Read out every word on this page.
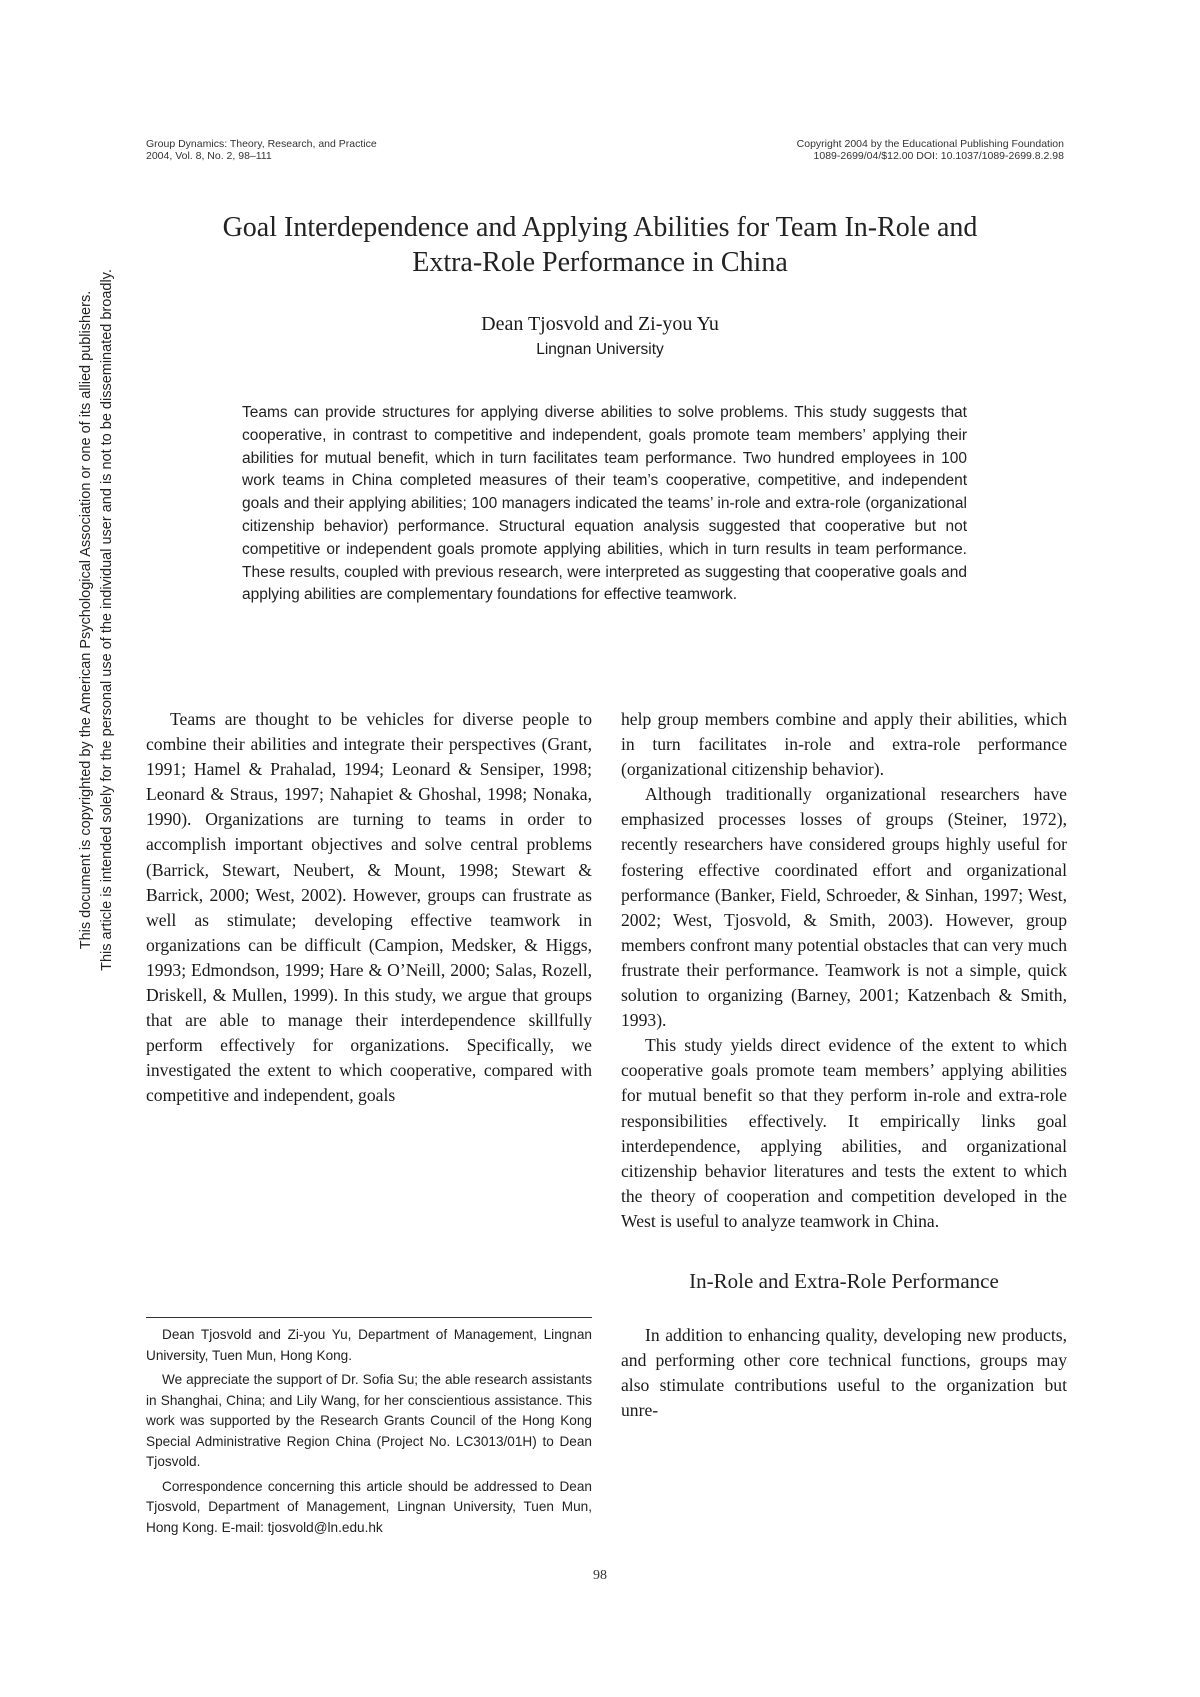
Group Dynamics: Theory, Research, and Practice
2004, Vol. 8, No. 2, 98–111
Copyright 2004 by the Educational Publishing Foundation
1089-2699/04/$12.00 DOI: 10.1037/1089-2699.8.2.98
Goal Interdependence and Applying Abilities for Team In-Role and
Extra-Role Performance in China
Dean Tjosvold and Zi-you Yu
Lingnan University
Teams can provide structures for applying diverse abilities to solve problems. This study suggests that cooperative, in contrast to competitive and independent, goals promote team members’ applying their abilities for mutual benefit, which in turn facilitates team performance. Two hundred employees in 100 work teams in China completed measures of their team’s cooperative, competitive, and independent goals and their applying abilities; 100 managers indicated the teams’ in-role and extra-role (organizational citizenship behavior) performance. Structural equation analysis suggested that cooperative but not competitive or independent goals promote applying abilities, which in turn results in team performance. These results, coupled with previous research, were interpreted as suggesting that cooperative goals and applying abilities are complementary foundations for effective teamwork.

Teams are thought to be vehicles for diverse people to combine their abilities and integrate their perspectives (Grant, 1991; Hamel & Prahalad, 1994; Leonard & Sensiper, 1998; Leonard & Straus, 1997; Nahapiet & Ghoshal, 1998; Nonaka, 1990). Organizations are turning to teams in order to accomplish important objectives and solve central problems (Barrick, Stewart, Neubert, & Mount, 1998; Stewart & Barrick, 2000; West, 2002). However, groups can frustrate as well as stimulate; developing effective teamwork in organizations can be difficult (Campion, Medsker, & Higgs, 1993; Edmondson, 1999; Hare & O’Neill, 2000; Salas, Rozell, Driskell, & Mullen, 1999). In this study, we argue that groups that are able to manage their interdependence skillfully perform effectively for organizations. Specifically, we investigated the extent to which cooperative, compared with competitive and independent, goals

Dean Tjosvold and Zi-you Yu, Department of Management, Lingnan University, Tuen Mun, Hong Kong.

We appreciate the support of Dr. Sofia Su; the able research assistants in Shanghai, China; and Lily Wang, for her conscientious assistance. This work was supported by the Research Grants Council of the Hong Kong Special Administrative Region China (Project No. LC3013/01H) to Dean Tjosvold.

Correspondence concerning this article should be addressed to Dean Tjosvold, Department of Management, Lingnan University, Tuen Mun, Hong Kong. E-mail: tjosvold@ln.edu.hk

help group members combine and apply their abilities, which in turn facilitates in-role and extra-role performance (organizational citizenship behavior).

Although traditionally organizational researchers have emphasized processes losses of groups (Steiner, 1972), recently researchers have considered groups highly useful for fostering effective coordinated effort and organizational performance (Banker, Field, Schroeder, & Sinhan, 1997; West, 2002; West, Tjosvold, & Smith, 2003). However, group members confront many potential obstacles that can very much frustrate their performance. Teamwork is not a simple, quick solution to organizing (Barney, 2001; Katzenbach & Smith, 1993).

This study yields direct evidence of the extent to which cooperative goals promote team members’ applying abilities for mutual benefit so that they perform in-role and extra-role responsibilities effectively. It empirically links goal interdependence, applying abilities, and organizational citizenship behavior literatures and tests the extent to which the theory of cooperation and competition developed in the West is useful to analyze teamwork in China.

In-Role and Extra-Role Performance

In addition to enhancing quality, developing new products, and performing other core technical functions, groups may also stimulate contributions useful to the organization but unre-

98
This document is copyrighted by the American Psychological Association or one of its allied publishers. This article is intended solely for the personal use of the individual user and is not to be disseminated broadly.
